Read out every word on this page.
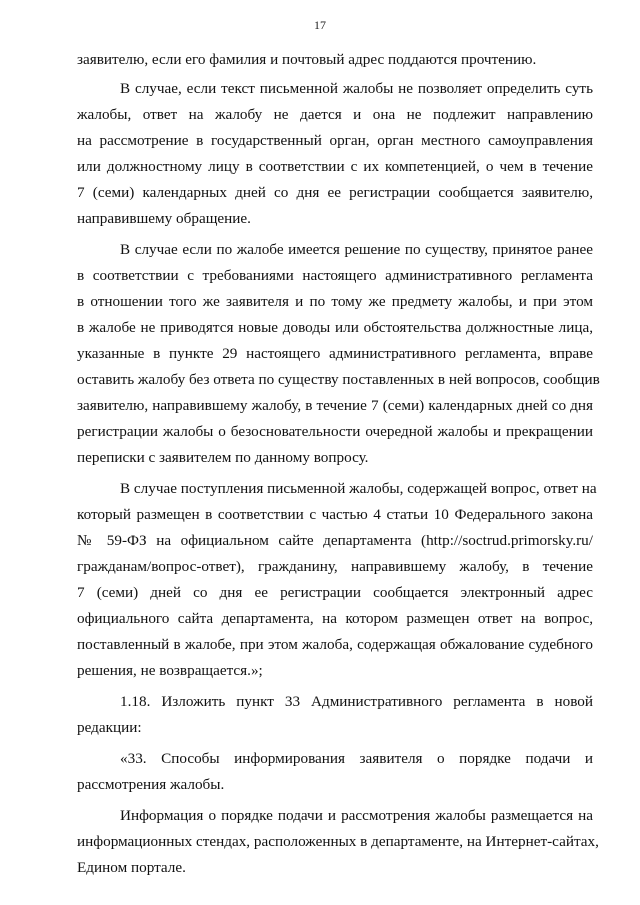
17
заявителю, если его фамилия и почтовый адрес поддаются прочтению.
В случае, если текст письменной жалобы не позволяет определить суть
жалобы, ответ на жалобу не дается и она не подлежит направлению
на рассмотрение в государственный орган, орган местного самоуправления
или должностному лицу в соответствии с их компетенцией, о чем в течение
7 (семи) календарных дней со дня ее регистрации сообщается заявителю,
направившему обращение.
В случае если по жалобе имеется решение по существу, принятое ранее
в соответствии с требованиями настоящего административного регламента
в отношении того же заявителя и по тому же предмету жалобы, и при этом
в жалобе не приводятся новые доводы или обстоятельства должностные лица,
указанные в пункте 29 настоящего административного регламента, вправе
оставить жалобу без ответа по существу поставленных в ней вопросов, сообщив
заявителю, направившему жалобу, в течение 7 (семи) календарных дней со дня
регистрации жалобы о безосновательности очередной жалобы и прекращении
переписки с заявителем по данному вопросу.
В случае поступления письменной жалобы, содержащей вопрос, ответ на
который размещен в соответствии с частью 4 статьи 10 Федерального закона
№ 59-ФЗ на официальном сайте департамента (http://soctrud.primorsky.ru/
гражданам/вопрос-ответ), гражданину, направившему жалобу, в течение
7 (семи) дней со дня ее регистрации сообщается электронный адрес
официального сайта департамента, на котором размещен ответ на вопрос,
поставленный в жалобе, при этом жалоба, содержащая обжалование судебного
решения, не возвращается.»;
1.18. Изложить пункт 33 Административного регламента в новой
редакции:
«33. Способы информирования заявителя о порядке подачи и
рассмотрения жалобы.
Информация о порядке подачи и рассмотрения жалобы размещается на
информационных стендах, расположенных в департаменте, на Интернет-сайтах,
Едином портале.
